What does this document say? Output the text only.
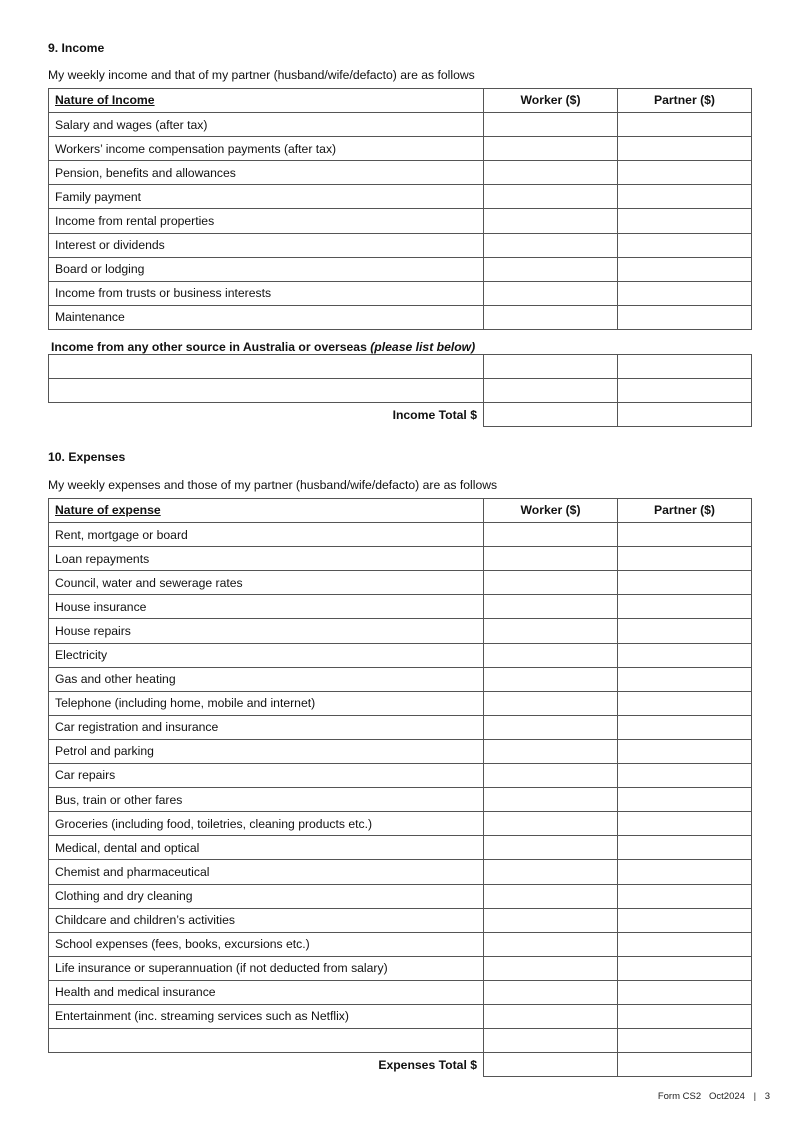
9. Income
My weekly income and that of my partner (husband/wife/defacto) are as follows
Nature of Income	Worker ($)	Partner ($)
Salary and wages (after tax)		
Workers’ income compensation payments (after tax)		
Pension, benefits and allowances		
Family payment		
Income from rental properties		
Interest or dividends		
Board or lodging		
Income from trusts or business interests		
Maintenance		
Income from any other source in Australia or overseas (please list below)

Income Total $		
10. Expenses
My weekly expenses and those of my partner (husband/wife/defacto) are as follows
Nature of expense	Worker ($)	Partner ($)
Rent, mortgage or board		
Loan repayments		
Council, water and sewerage rates		
House insurance		
House repairs		
Electricity		
Gas and other heating		
Telephone (including home, mobile and internet)		
Car registration and insurance		
Petrol and parking		
Car repairs		
Bus, train or other fares		
Groceries (including food, toiletries, cleaning products etc.)		
Medical, dental and optical		
Chemist and pharmaceutical		
Clothing and dry cleaning		
Childcare and children’s activities		
School expenses (fees, books, excursions etc.)		
Life insurance or superannuation (if not deducted from salary)		
Health and medical insurance		
Entertainment (inc. streaming services such as Netflix)		

Expenses Total $		
Form CS2 Oct2024 | 3
